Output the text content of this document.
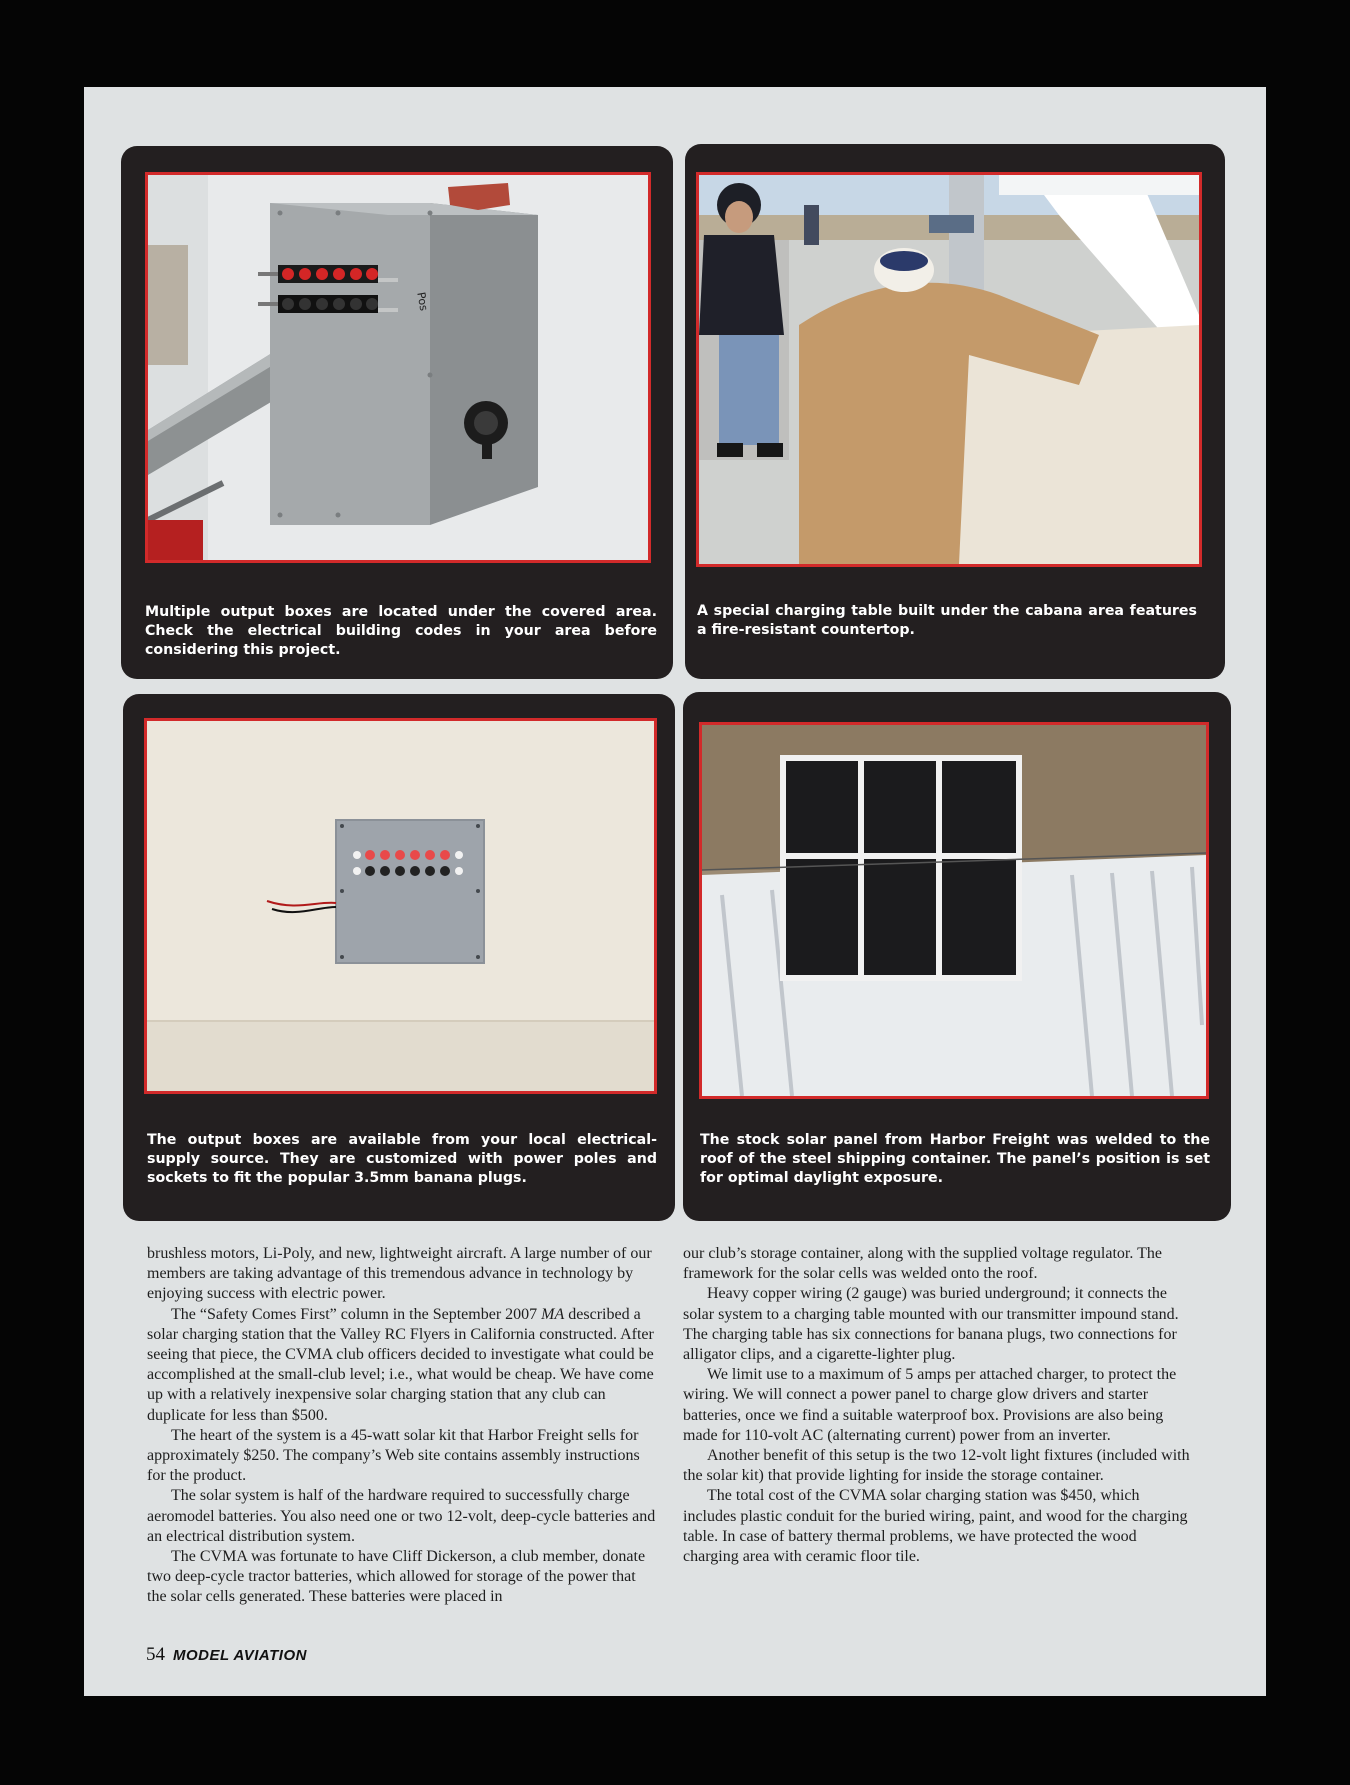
Pos

Multiple output boxes are located under the covered area. Check the electrical building codes in your area before considering this project.

A special charging table built under the cabana area features a fire-resistant countertop.

The output boxes are available from your local electrical-supply source. They are customized with power poles and sockets to fit the popular 3.5mm banana plugs.

The stock solar panel from Harbor Freight was welded to the roof of the steel shipping container. The panel’s position is set for optimal daylight exposure.

brushless motors, Li-Poly, and new, lightweight aircraft. A large number of our members are taking advantage of this tremendous advance in technology by enjoying success with electric power.

The “Safety Comes First” column in the September 2007 MA described a solar charging station that the Valley RC Flyers in California constructed. After seeing that piece, the CVMA club officers decided to investigate what could be accomplished at the small-club level; i.e., what would be cheap. We have come up with a relatively inexpensive solar charging station that any club can duplicate for less than $500.

The heart of the system is a 45-watt solar kit that Harbor Freight sells for approximately $250. The company’s Web site contains assembly instructions for the product.

The solar system is half of the hardware required to successfully charge aeromodel batteries. You also need one or two 12-volt, deep-cycle batteries and an electrical distribution system.

The CVMA was fortunate to have Cliff Dickerson, a club member, donate two deep-cycle tractor batteries, which allowed for storage of the power that the solar cells generated. These batteries were placed in

our club’s storage container, along with the supplied voltage regulator. The framework for the solar cells was welded onto the roof.

Heavy copper wiring (2 gauge) was buried underground; it connects the solar system to a charging table mounted with our transmitter impound stand. The charging table has six connections for banana plugs, two connections for alligator clips, and a cigarette-lighter plug.

We limit use to a maximum of 5 amps per attached charger, to protect the wiring. We will connect a power panel to charge glow drivers and starter batteries, once we find a suitable waterproof box. Provisions are also being made for 110-volt AC (alternating current) power from an inverter.

Another benefit of this setup is the two 12-volt light fixtures (included with the solar kit) that provide lighting for inside the storage container.

The total cost of the CVMA solar charging station was $450, which includes plastic conduit for the buried wiring, paint, and wood for the charging table. In case of battery thermal problems, we have protected the wood charging area with ceramic floor tile.

54 MODEL AVIATION
